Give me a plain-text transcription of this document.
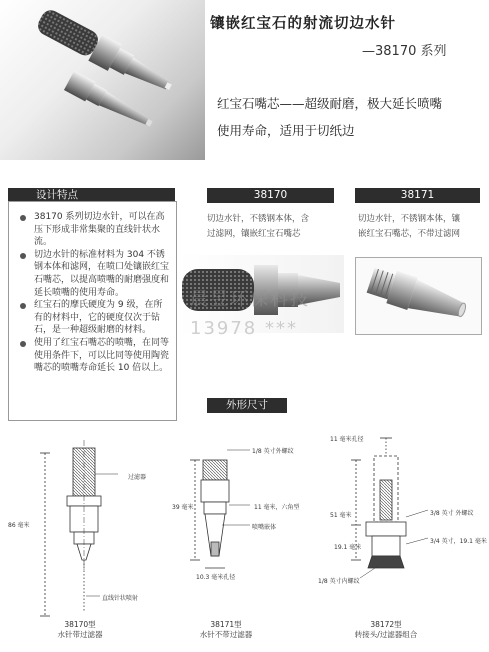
镶嵌红宝石的射流切边水针
—38170 系列
红宝石嘴芯——超级耐磨，极大延长喷嘴
使用寿命，适用于切纸边
设计特点	38170	38171
38170 系列切边水针，可以在高压下形成非常集聚的直线针状水流。
切边水针的标准材料为 304 不锈钢本体和滤网，在喷口处镶嵌红宝石嘴芯，以提高喷嘴的耐磨强度和延长喷嘴的使用寿命。
红宝石的摩氏硬度为 9 级，在所有的材料中，它的硬度仅次于钻石，是一种超级耐磨的材料。
使用了红宝石嘴芯的喷嘴，在同等使用条件下，可以比同等使用陶瓷嘴芯的喷嘴寿命延长 10 倍以上。
切边水针，不锈钢本体，含
过滤网，镶嵌红宝石嘴芯
切边水针，不锈钢本体，镶
嵌红宝石嘴芯，不带过滤网
晨昱环保科技
13978 ***
外形尺寸
过滤器
86 毫米
直线针状喷射
38170型
水针带过滤器
1/8 英寸外螺纹
39 毫米	11 毫米，六角型
喷嘴嵌体
10.3 毫米孔径
38171型
水针不带过滤器
11 毫米孔径
51 毫米	3/8 英寸 外螺纹
19.1 毫米
3/4 英寸，19.1 毫米
1/8 英寸内螺纹
38172型
转接头/过滤器组合
